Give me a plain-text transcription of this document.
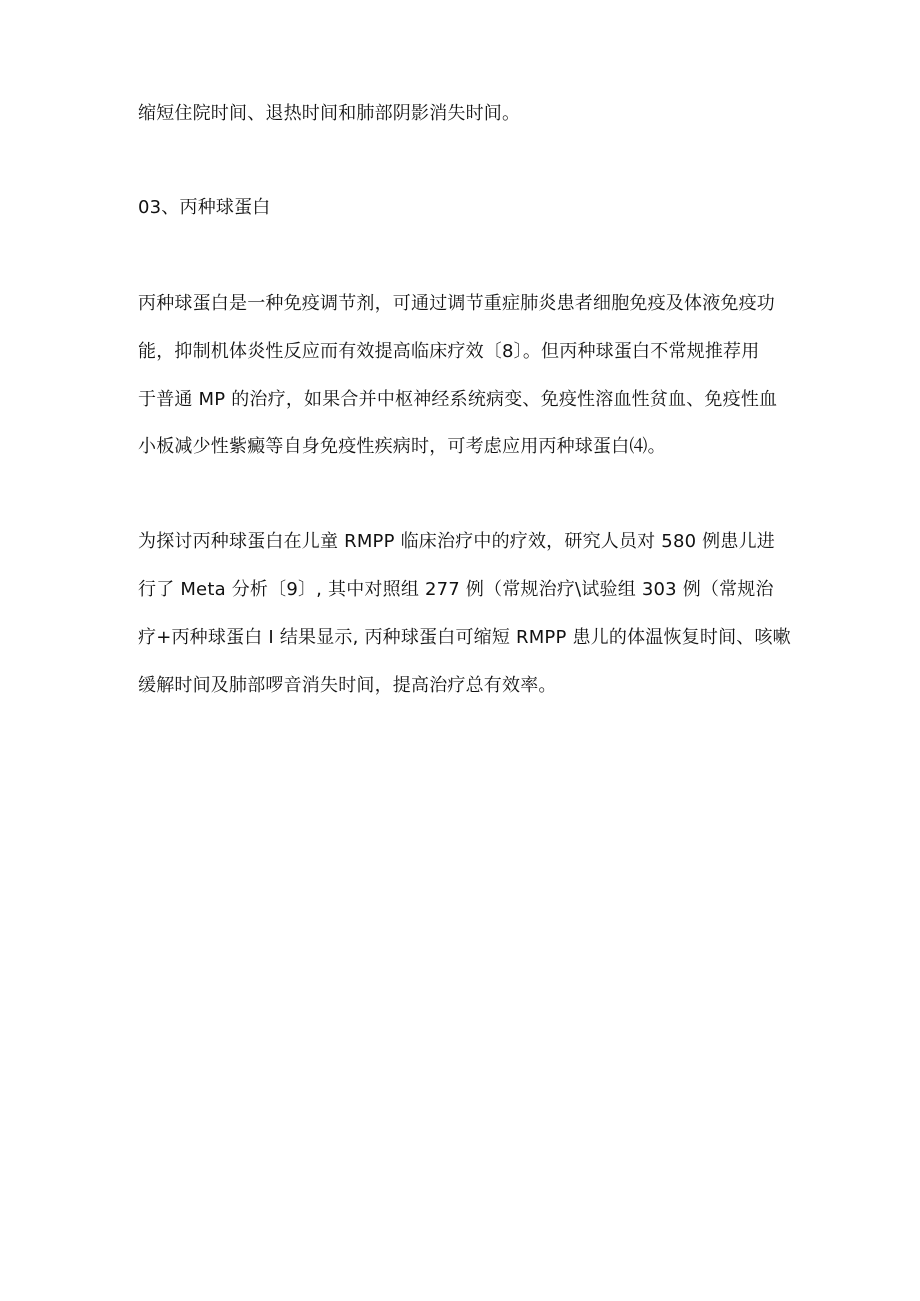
缩短住院时间、退热时间和肺部阴影消失时间。
03、丙种球蛋白
丙种球蛋白是一种免疫调节剂，可通过调节重症肺炎患者细胞免疫及体液免疫功
能，抑制机体炎性反应而有效提高临床疗效〔8〕。但丙种球蛋白不常规推荐用
于普通 MP 的治疗，如果合并中枢神经系统病变、免疫性溶血性贫血、免疫性血
小板减少性紫癜等自身免疫性疾病时，可考虑应用丙种球蛋白⑷。
为探讨丙种球蛋白在儿童 RMPP 临床治疗中的疗效，研究人员对 580 例患儿进
行了 Meta 分析〔9〕, 其中对照组 277 例（常规治疗\试验组 303 例（常规治
疗+丙种球蛋白 I 结果显示, 丙种球蛋白可缩短 RMPP 患儿的体温恢复时间、咳嗽
缓解时间及肺部啰音消失时间，提高治疗总有效率。
